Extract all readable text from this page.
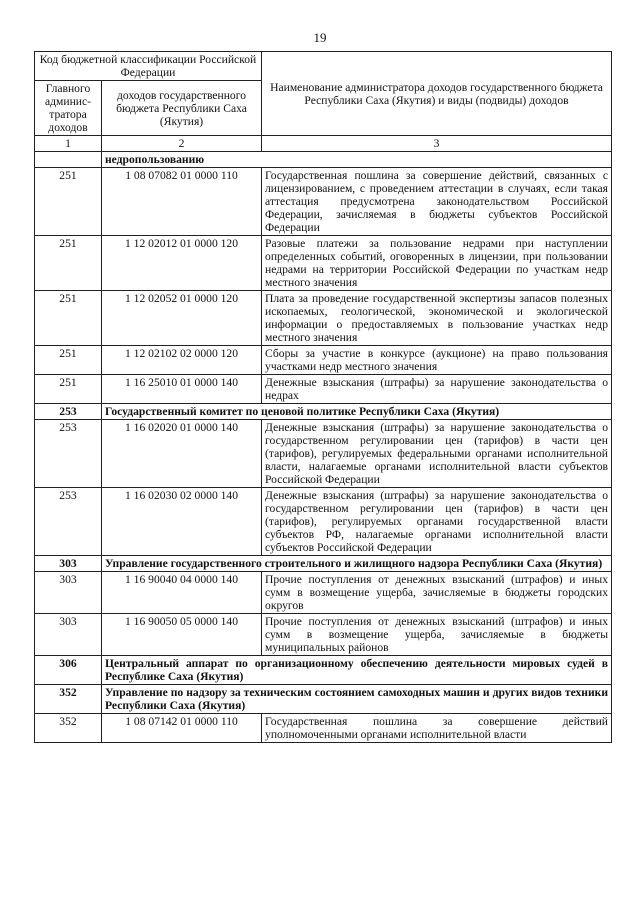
19
Код бюджетной классификации Российской Федерации		Наименование администратора доходов государственного бюджета Республики Саха (Якутия) и виды (подвиды) доходов
Главного админис-тратора доходов	доходов государственного бюджета Республики Саха (Якутия)	
1	2	3
	недропользованию	
251	1 08 07082 01 0000 110	Государственная пошлина за совершение действий, связанных с лицензированием, с проведением аттестации в случаях, если такая аттестация предусмотрена законодательством Российской Федерации, зачисляемая в бюджеты субъектов Российской Федерации
251	1 12 02012 01 0000 120	Разовые платежи за пользование недрами при наступлении определенных событий, оговоренных в лицензии, при пользовании недрами на территории Российской Федерации по участкам недр местного значения
251	1 12 02052 01 0000 120	Плата за проведение государственной экспертизы запасов полезных ископаемых, геологической, экономической и экологической информации о предоставляемых в пользование участках недр местного значения
251	1 12 02102 02 0000 120	Сборы за участие в конкурсе (аукционе) на право пользования участками недр местного значения
251	1 16 25010 01 0000 140	Денежные взыскания (штрафы) за нарушение законодательства о недрах
253	Государственный комитет по ценовой политике Республики Саха (Якутия)	
253	1 16 02020 01 0000 140	Денежные взыскания (штрафы) за нарушение законодательства о государственном регулировании цен (тарифов) в части цен (тарифов), регулируемых федеральными органами исполнительной власти, налагаемые органами исполнительной власти субъектов Российской Федерации
253	1 16 02030 02 0000 140	Денежные взыскания (штрафы) за нарушение законодательства о государственном регулировании цен (тарифов) в части цен (тарифов), регулируемых органами государственной власти субъектов РФ, налагаемые органами исполнительной власти субъектов Российской Федерации
303	Управление государственного строительного и жилищного надзора Республики Саха (Якутия)	
303	1 16 90040 04 0000 140	Прочие поступления от денежных взысканий (штрафов) и иных сумм в возмещение ущерба, зачисляемые в бюджеты городских округов
303	1 16 90050 05 0000 140	Прочие поступления от денежных взысканий (штрафов) и иных сумм в возмещение ущерба, зачисляемые в бюджеты муниципальных районов
306	Центральный аппарат по организационному обеспечению деятельности мировых судей в Республике Саха (Якутия)	
352	Управление по надзору за техническим состоянием самоходных машин и других видов техники Республики Саха (Якутия)	
352	1 08 07142 01 0000 110	Государственная пошлина за совершение действий уполномоченными органами исполнительной власти
